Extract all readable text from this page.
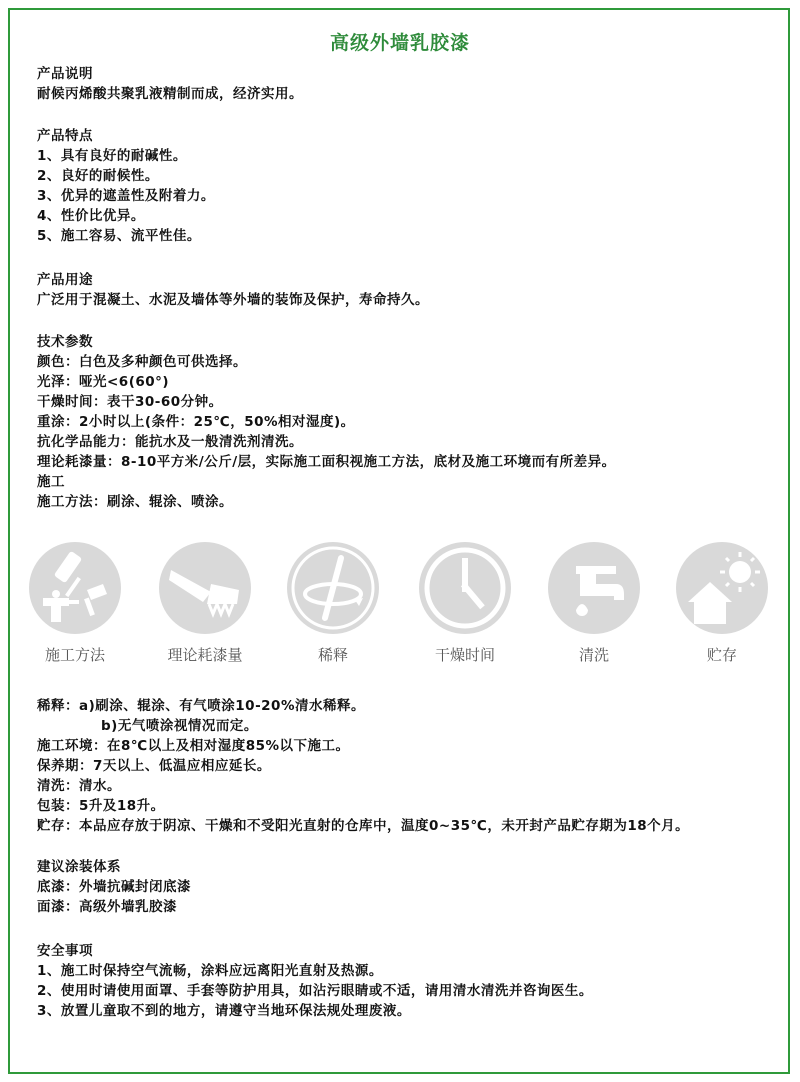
高级外墙乳胶漆
产品说明
耐候丙烯酸共聚乳液精制而成，经济实用。
产品特点
1、具有良好的耐碱性。
2、良好的耐候性。
3、优异的遮盖性及附着力。
4、性价比优异。
5、施工容易、流平性佳。
产品用途
广泛用于混凝土、水泥及墙体等外墙的装饰及保护，寿命持久。
技术参数
颜色：白色及多种颜色可供选择。
光泽：哑光<6(60°)
干燥时间：表干30-60分钟。
重涂：2小时以上(条件：25℃，50%相对湿度)。
抗化学品能力：能抗水及一般清洗剂清洗。
理论耗漆量：8-10平方米/公斤/层，实际施工面积视施工方法，底材及施工环境而有所差异。
施工
施工方法：刷涂、辊涂、喷涂。
施工方法	理论耗漆量	稀释	干燥时间	清洗	贮存
稀释：a)刷涂、辊涂、有气喷涂10-20%清水稀释。
b)无气喷涂视情况而定。
施工环境：在8℃以上及相对湿度85%以下施工。
保养期：7天以上、低温应相应延长。
清洗：清水。
包装：5升及18升。
贮存：本品应存放于阴凉、干燥和不受阳光直射的仓库中，温度0~35℃，未开封产品贮存期为18个月。
建议涂装体系
底漆：外墙抗碱封闭底漆
面漆：高级外墙乳胶漆
安全事项
1、施工时保持空气流畅，涂料应远离阳光直射及热源。
2、使用时请使用面罩、手套等防护用具，如沾污眼睛或不适，请用清水清洗并咨询医生。
3、放置儿童取不到的地方，请遵守当地环保法规处理废液。
